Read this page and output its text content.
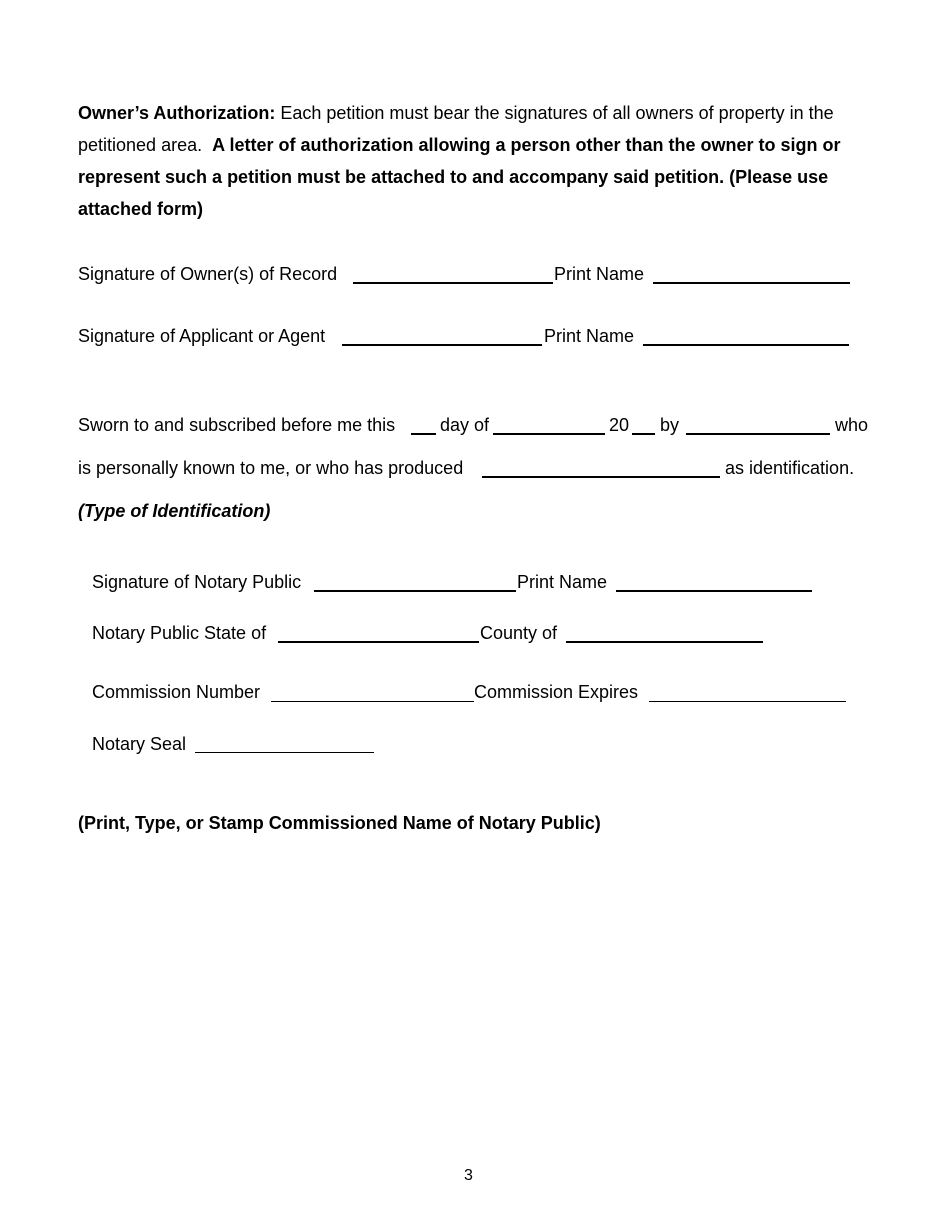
Owner’s Authorization: Each petition must bear the signatures of all owners of property in the petitioned area. A letter of authorization allowing a person other than the owner to sign or represent such a petition must be attached to and accompany said petition. (Please use attached form)
Signature of Owner(s) of Record	Print Name
Signature of Applicant or Agent	Print Name
Sworn to and subscribed before me this day of	20 by	who
is personally known to me, or who has produced	as identification.
(Type of Identification)
Signature of Notary Public	Print Name
Notary Public State of	County of
Commission Number	Commission Expires
Notary Seal
(Print, Type, or Stamp Commissioned Name of Notary Public)
3
